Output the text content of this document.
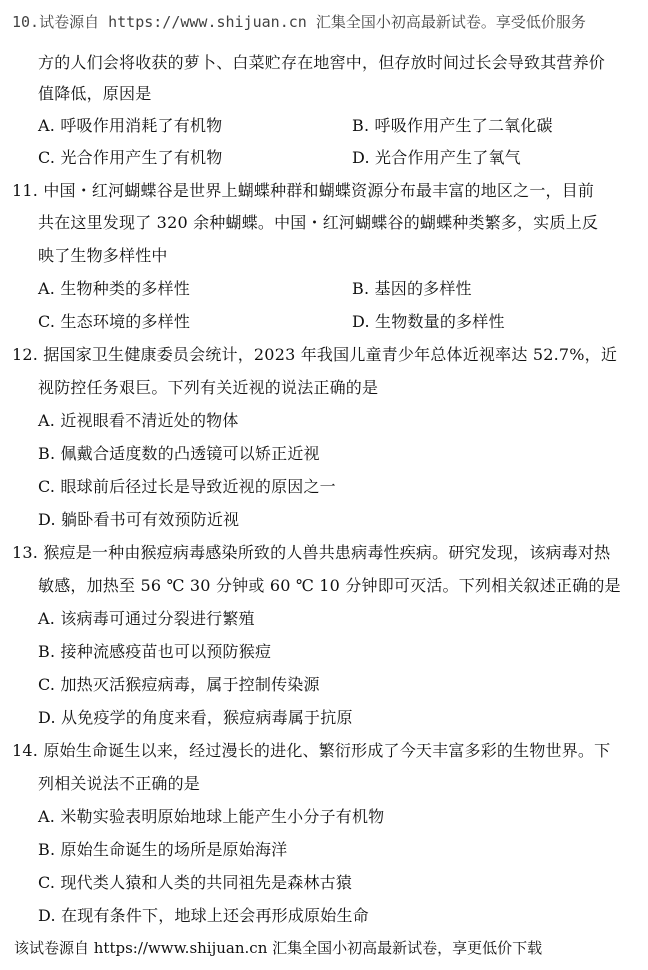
10.试卷源自 https://www.shijuan.cn 汇集全国小初高最新试卷。享受低价服务
方的人们会将收获的萝卜、白菜贮存在地窖中，但存放时间过长会导致其营养价
值降低，原因是
A. 呼吸作用消耗了有机物	B. 呼吸作用产生了二氧化碳
C. 光合作用产生了有机物	D. 光合作用产生了氧气
11. 中国・红河蝴蝶谷是世界上蝴蝶种群和蝴蝶资源分布最丰富的地区之一，目前
共在这里发现了 320 余种蝴蝶。中国・红河蝴蝶谷的蝴蝶种类繁多，实质上反
映了生物多样性中
A. 生物种类的多样性	B. 基因的多样性
C. 生态环境的多样性	D. 生物数量的多样性
12. 据国家卫生健康委员会统计，2023 年我国儿童青少年总体近视率达 52.7%，近
视防控任务艰巨。下列有关近视的说法正确的是
A. 近视眼看不清近处的物体
B. 佩戴合适度数的凸透镜可以矫正近视
C. 眼球前后径过长是导致近视的原因之一
D. 躺卧看书可有效预防近视
13. 猴痘是一种由猴痘病毒感染所致的人兽共患病毒性疾病。研究发现，该病毒对热
敏感，加热至 56 ℃ 30 分钟或 60 ℃ 10 分钟即可灭活。下列相关叙述正确的是
A. 该病毒可通过分裂进行繁殖
B. 接种流感疫苗也可以预防猴痘
C. 加热灭活猴痘病毒，属于控制传染源
D. 从免疫学的角度来看，猴痘病毒属于抗原
14. 原始生命诞生以来，经过漫长的进化、繁衍形成了今天丰富多彩的生物世界。下
列相关说法不正确的是
A. 米勒实验表明原始地球上能产生小分子有机物
B. 原始生命诞生的场所是原始海洋
C. 现代类人猿和人类的共同祖先是森林古猿
D. 在现有条件下，地球上还会再形成原始生命
该试卷源自 https://www.shijuan.cn 汇集全国小初高最新试卷，享更低价下载
